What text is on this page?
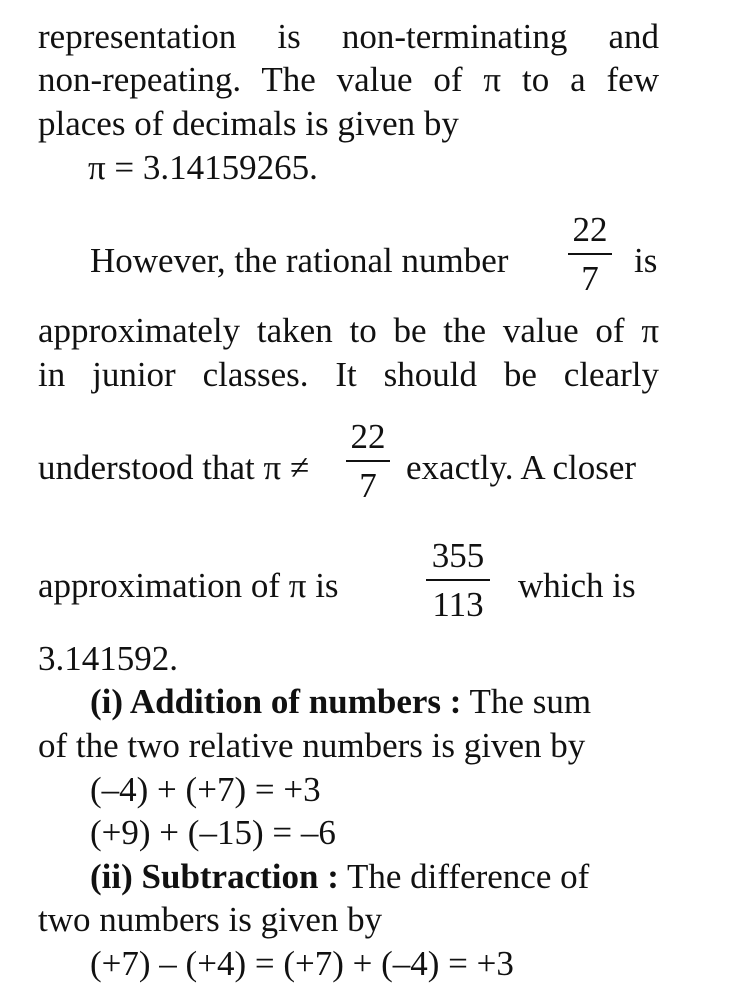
representation is non-terminating and
non-repeating. The value of π to a few
places of decimals is given by
π = 3.14159265.
However, the rational number
22
7 is
approximately taken to be the value of π
in junior classes. It should be clearly
understood that π ≠
22
7 exactly. A closer
approximation of π is
355
113 which is
3.141592.
(i) Addition of numbers : The sum
of the two relative numbers is given by
(–4) + (+7) = +3
(+9) + (–15) = –6
(ii) Subtraction : The difference of
two numbers is given by
(+7) – (+4) = (+7) + (–4) = +3
